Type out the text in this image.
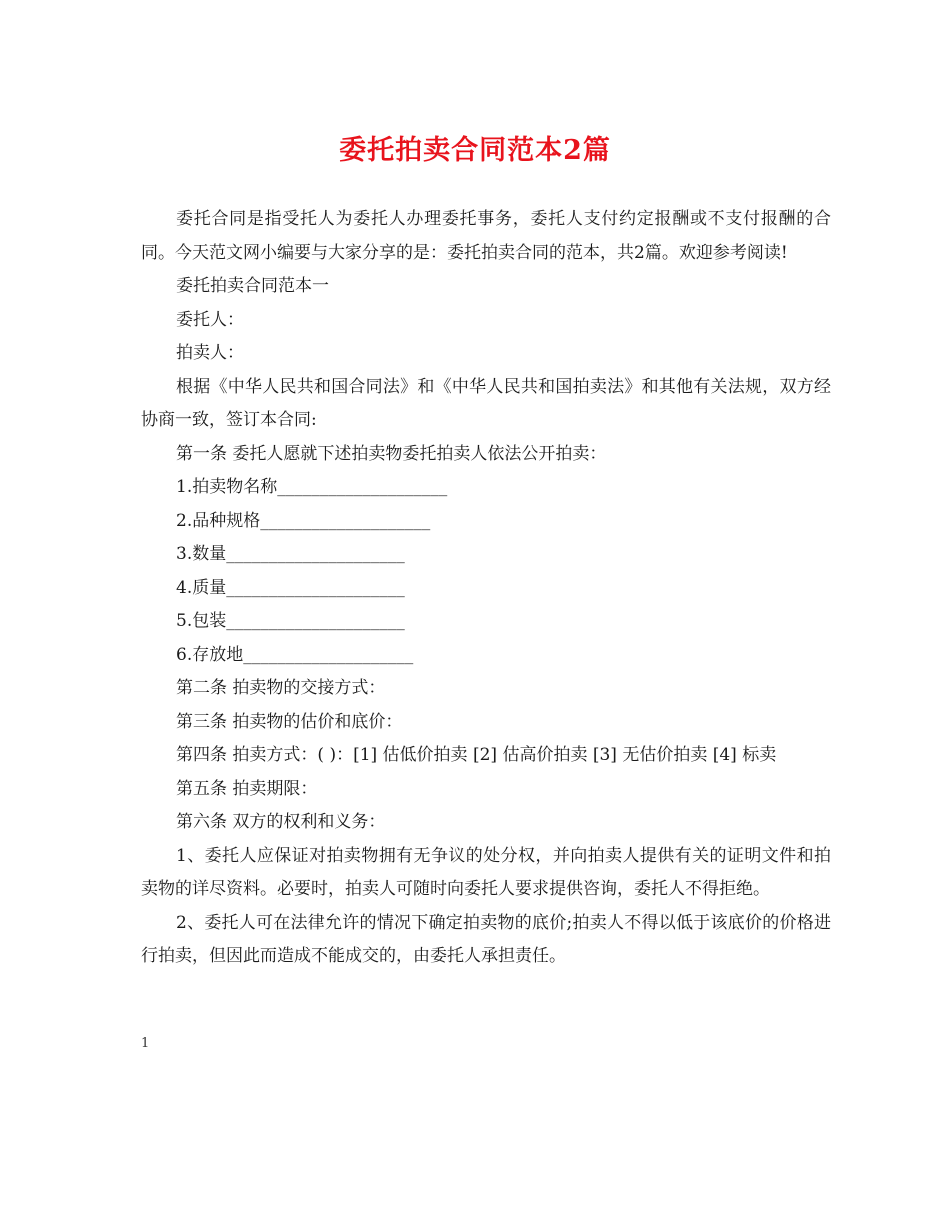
委托拍卖合同范本2篇

委托合同是指受托人为委托人办理委托事务，委托人支付约定报酬或不支付报酬的合同。今天范文网小编要与大家分享的是：委托拍卖合同的范本，共2篇。欢迎参考阅读!

委托拍卖合同范本一

委托人：

拍卖人：

根据《中华人民共和国合同法》和《中华人民共和国拍卖法》和其他有关法规，双方经协商一致，签订本合同:

第一条 委托人愿就下述拍卖物委托拍卖人依法公开拍卖：

1.拍卖物名称____________________

2.品种规格____________________

3.数量_____________________

4.质量_____________________

5.包装_____________________

6.存放地____________________

第二条 拍卖物的交接方式：

第三条 拍卖物的估价和底价：

第四条 拍卖方式：( )：[1] 估低价拍卖 [2] 估高价拍卖 [3] 无估价拍卖 [4] 标卖

第五条 拍卖期限：

第六条 双方的权利和义务：

1、委托人应保证对拍卖物拥有无争议的处分权，并向拍卖人提供有关的证明文件和拍卖物的详尽资料。必要时，拍卖人可随时向委托人要求提供咨询，委托人不得拒绝。

2、委托人可在法律允许的情况下确定拍卖物的底价;拍卖人不得以低于该底价的价格进行拍卖，但因此而造成不能成交的，由委托人承担责任。

1
